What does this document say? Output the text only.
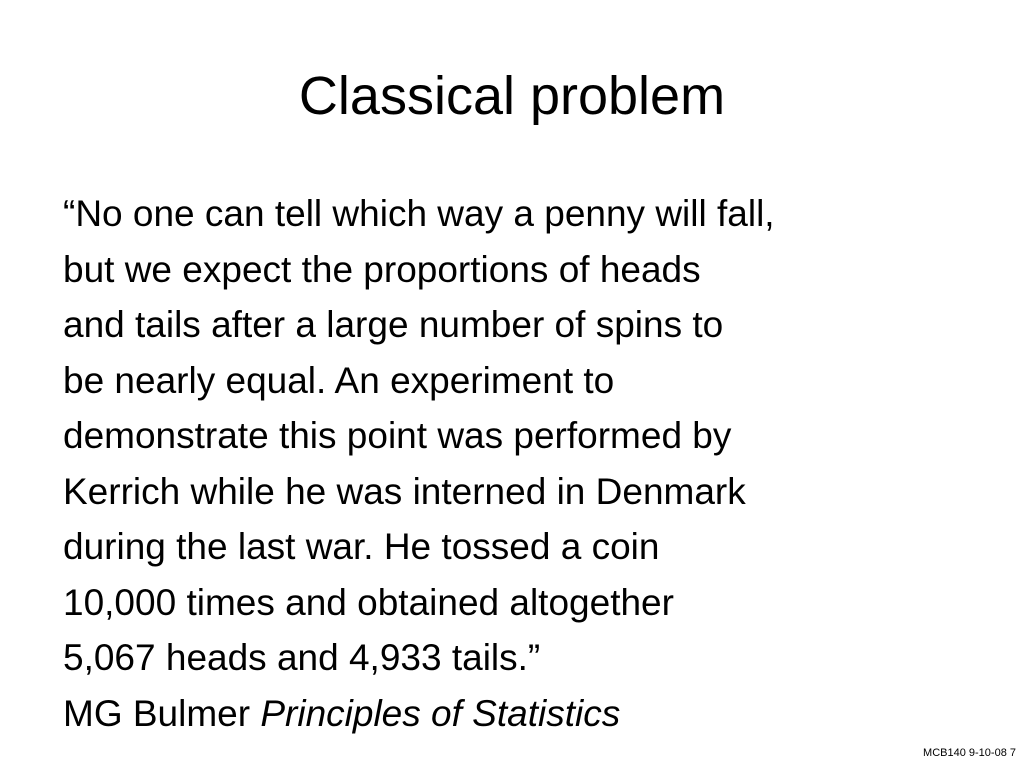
Classical problem

“No one can tell which way a penny will fall,
but we expect the proportions of heads
and tails after a large number of spins to
be nearly equal. An experiment to
demonstrate this point was performed by
Kerrich while he was interned in Denmark
during the last war. He tossed a coin
10,000 times and obtained altogether
5,067 heads and 4,933 tails.”

MG Bulmer Principles of Statistics

MCB140 9-10-08 7
